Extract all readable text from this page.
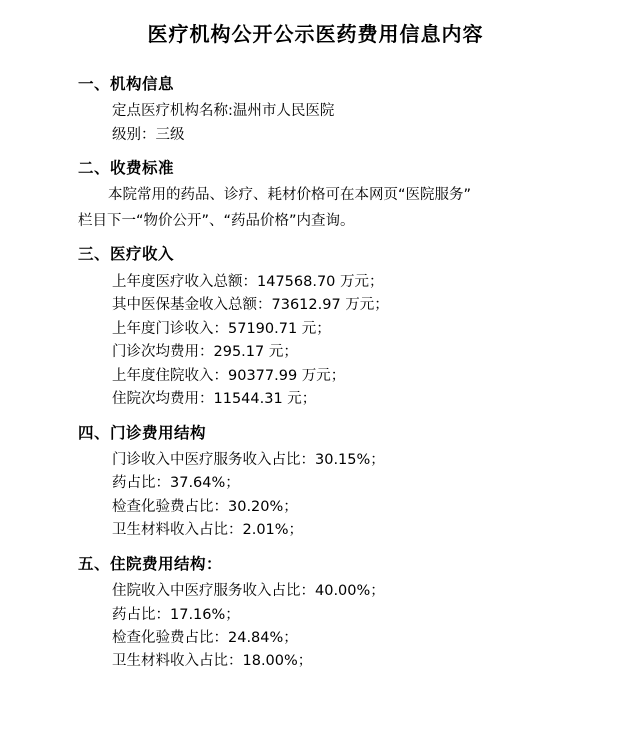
医疗机构公开公示医药费用信息内容
一、机构信息
定点医疗机构名称:温州市人民医院
级别：三级
二、收费标准
本院常用的药品、诊疗、耗材价格可在本网页“医院服务”
栏目下一“物价公开”、“药品价格”内查询。
三、医疗收入
上年度医疗收入总额：147568.70 万元；
其中医保基金收入总额：73612.97 万元；
上年度门诊收入：57190.71 元；
门诊次均费用：295.17 元；
上年度住院收入：90377.99 万元；
住院次均费用：11544.31 元；
四、门诊费用结构
门诊收入中医疗服务收入占比：30.15%；
药占比：37.64%；
检查化验费占比：30.20%；
卫生材料收入占比：2.01%；
五、住院费用结构：
住院收入中医疗服务收入占比：40.00%；
药占比：17.16%；
检查化验费占比：24.84%；
卫生材料收入占比：18.00%；
